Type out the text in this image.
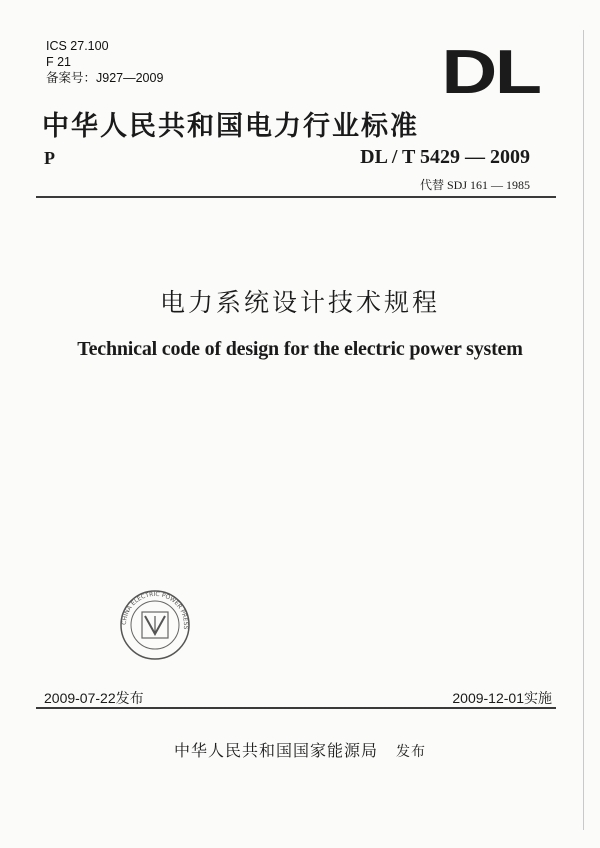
ICS 27.100
F 21
备案号：J927—2009	DL
中华人民共和国电力行业标准
P	DL / T 5429 — 2009
代替 SDJ 161 — 1985
电力系统设计技术规程
Technical code of design for the electric power system
CHINA ELECTRIC POWER PRESS
2009-07-22发布	2009-12-01实施
中华人民共和国国家能源局 发布
